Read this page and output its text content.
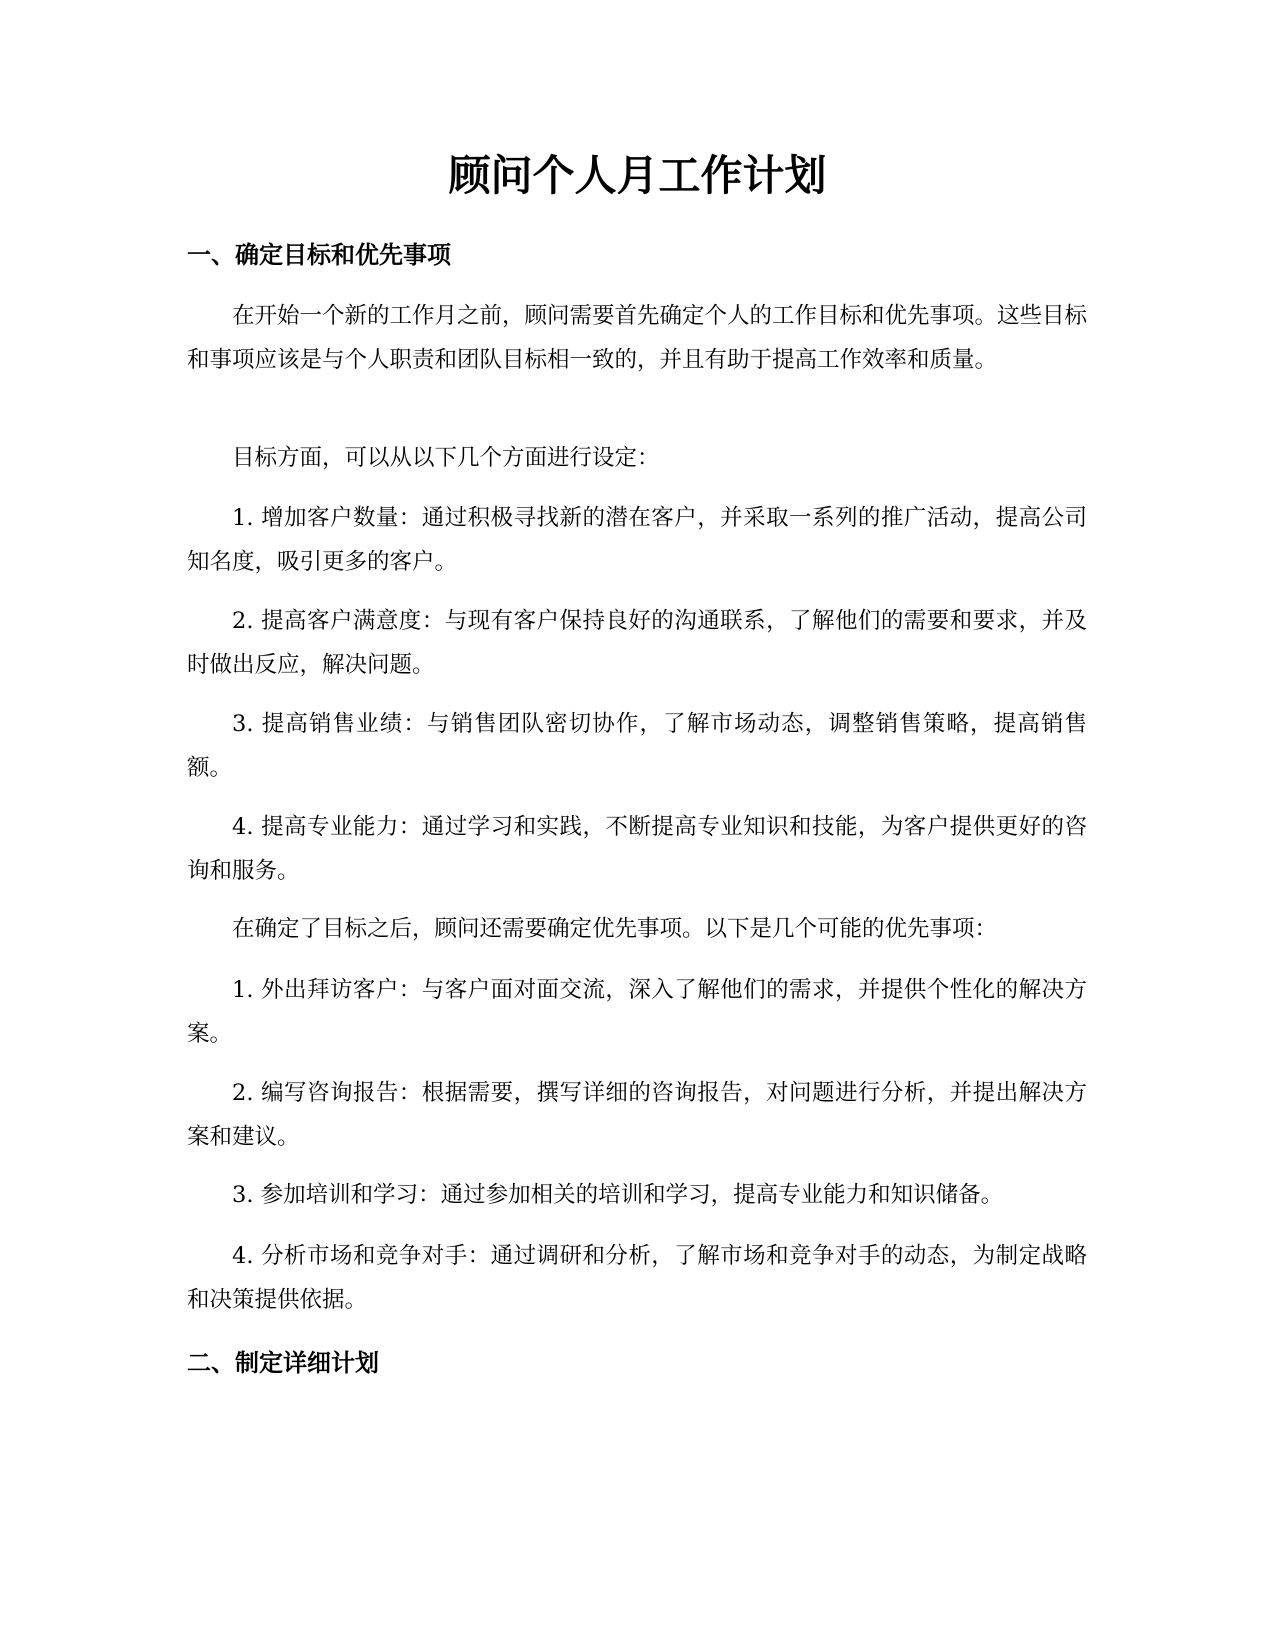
顾问个人月工作计划
一、确定目标和优先事项

在开始一个新的工作月之前，顾问需要首先确定个人的工作目标和优先事项。这些目标和事项应该是与个人职责和团队目标相一致的，并且有助于提高工作效率和质量。

目标方面，可以从以下几个方面进行设定：

1. 增加客户数量：通过积极寻找新的潜在客户，并采取一系列的推广活动，提高公司知名度，吸引更多的客户。

2. 提高客户满意度：与现有客户保持良好的沟通联系，了解他们的需要和要求，并及时做出反应，解决问题。

3. 提高销售业绩：与销售团队密切协作，了解市场动态，调整销售策略，提高销售额。

4. 提高专业能力：通过学习和实践，不断提高专业知识和技能，为客户提供更好的咨询和服务。

在确定了目标之后，顾问还需要确定优先事项。以下是几个可能的优先事项：

1. 外出拜访客户：与客户面对面交流，深入了解他们的需求，并提供个性化的解决方案。

2. 编写咨询报告：根据需要，撰写详细的咨询报告，对问题进行分析，并提出解决方案和建议。

3. 参加培训和学习：通过参加相关的培训和学习，提高专业能力和知识储备。

4. 分析市场和竞争对手：通过调研和分析，了解市场和竞争对手的动态，为制定战略和决策提供依据。

二、制定详细计划
